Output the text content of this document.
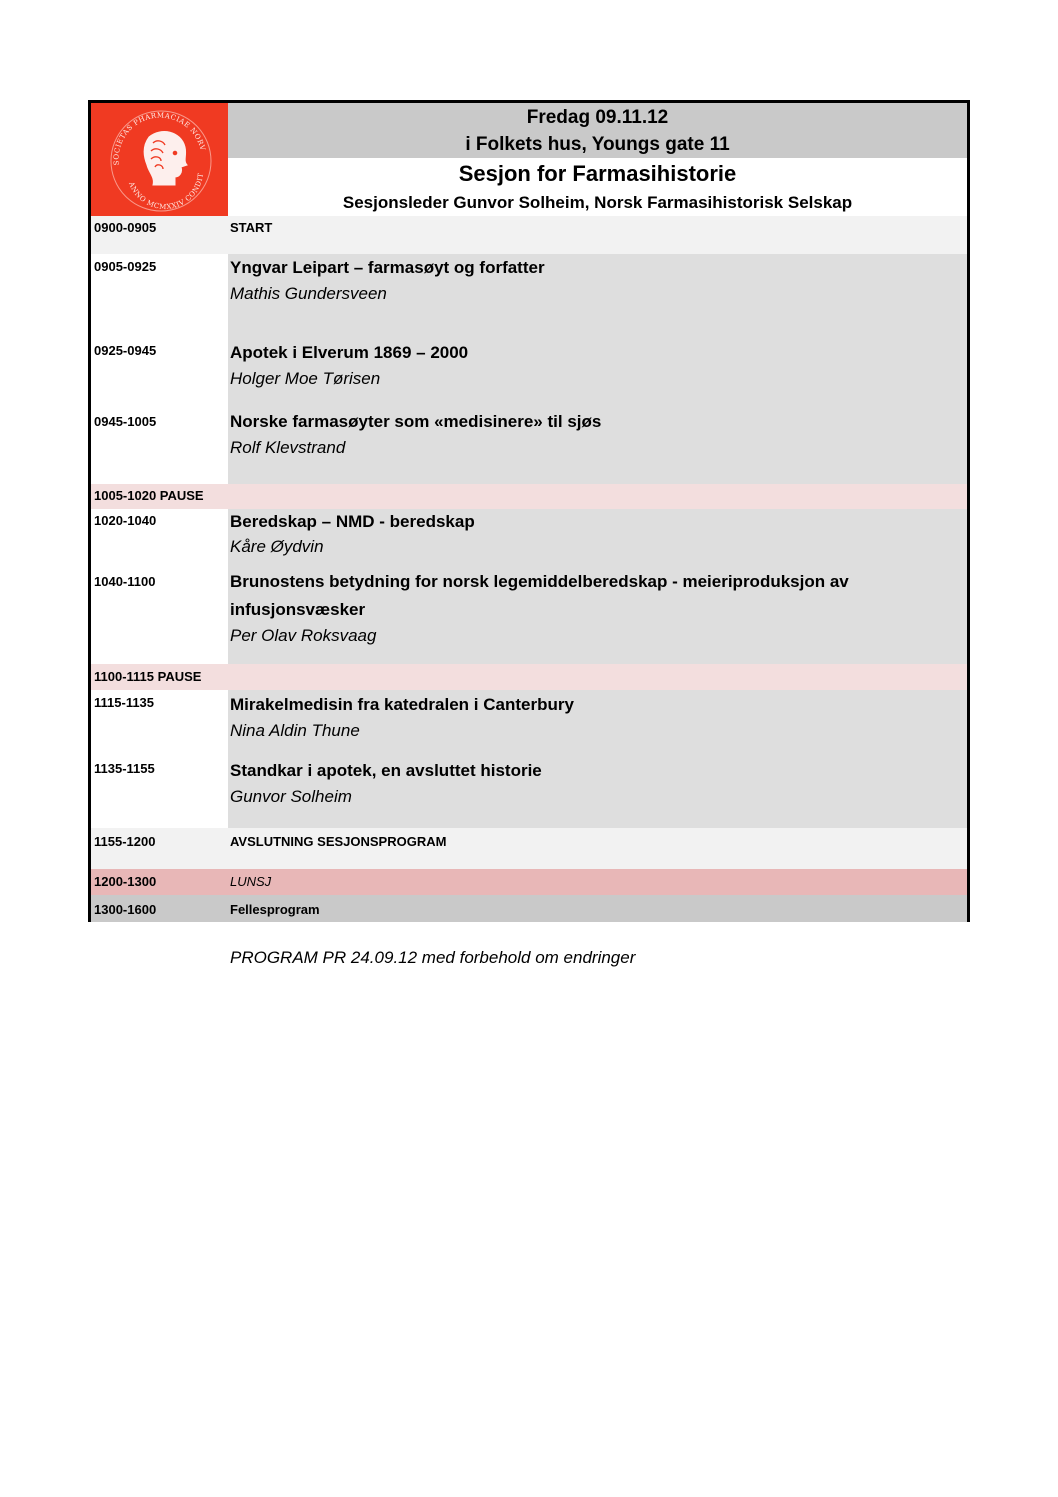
SOCIETAS PHARMACIAE NORV
ANNO MCMXXIV CONDIT
Fredag 09.11.12
i Folkets hus, Youngs gate 11
Sesjon for Farmasihistorie
Sesjonsleder Gunvor Solheim, Norsk Farmasihistorisk Selskap
0900-0905	START
0905-0925	Yngvar Leipart – farmasøyt og forfatter
Mathis Gundersveen
0925-0945	Apotek i Elverum 1869 – 2000
Holger Moe Tørisen
0945-1005	Norske farmasøyter som «medisinere» til sjøs
Rolf Klevstrand
1005-1020 PAUSE
1020-1040	Beredskap – NMD - beredskap
Kåre Øydvin
1040-1100	Brunostens betydning for norsk legemiddelberedskap - meieriproduksjon av
infusjonsvæsker
Per Olav Roksvaag
1100-1115 PAUSE
1115-1135	Mirakelmedisin fra katedralen i Canterbury
Nina Aldin Thune
1135-1155	Standkar i apotek, en avsluttet historie
Gunvor Solheim
1155-1200	AVSLUTNING SESJONSPROGRAM
1200-1300	LUNSJ
1300-1600	Fellesprogram
PROGRAM PR 24.09.12 med forbehold om endringer
